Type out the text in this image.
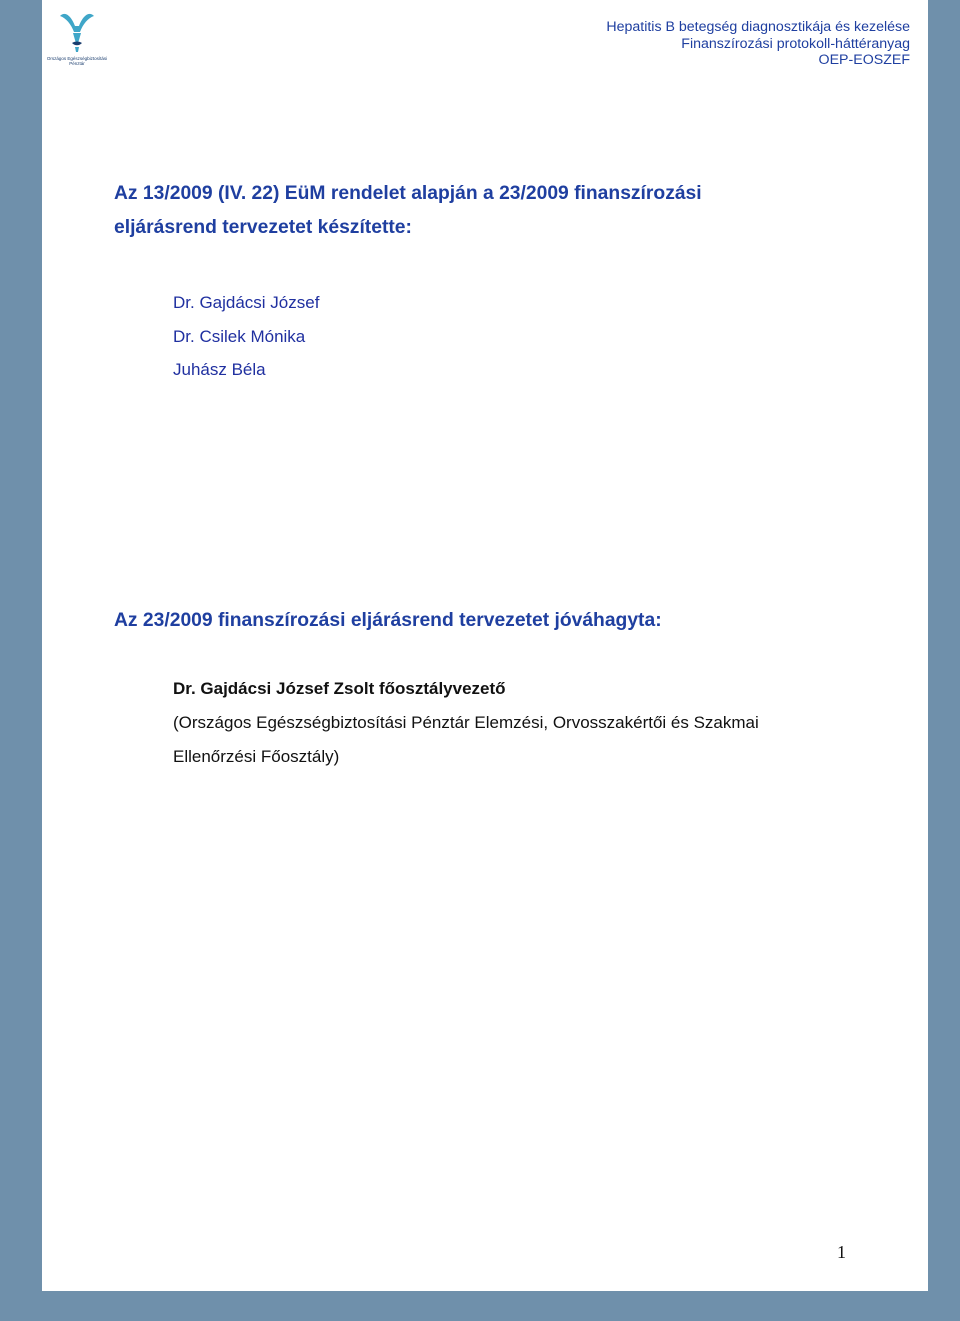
Országos Egészségbiztosítási
Pénztár
Hepatitis B betegség diagnosztikája és kezelése
Finanszírozási protokoll-háttéranyag
OEP-EOSZEF
Az 13/2009 (IV. 22) EüM rendelet alapján a 23/2009 finanszírozási
eljárásrend tervezetet készítette:
Dr. Gajdácsi József
Dr. Csilek Mónika
Juhász Béla
Az 23/2009 finanszírozási eljárásrend tervezetet jóváhagyta:
Dr. Gajdácsi József Zsolt főosztályvezető
(Országos Egészségbiztosítási Pénztár Elemzési, Orvosszakértői és Szakmai
Ellenőrzési Főosztály)
1
